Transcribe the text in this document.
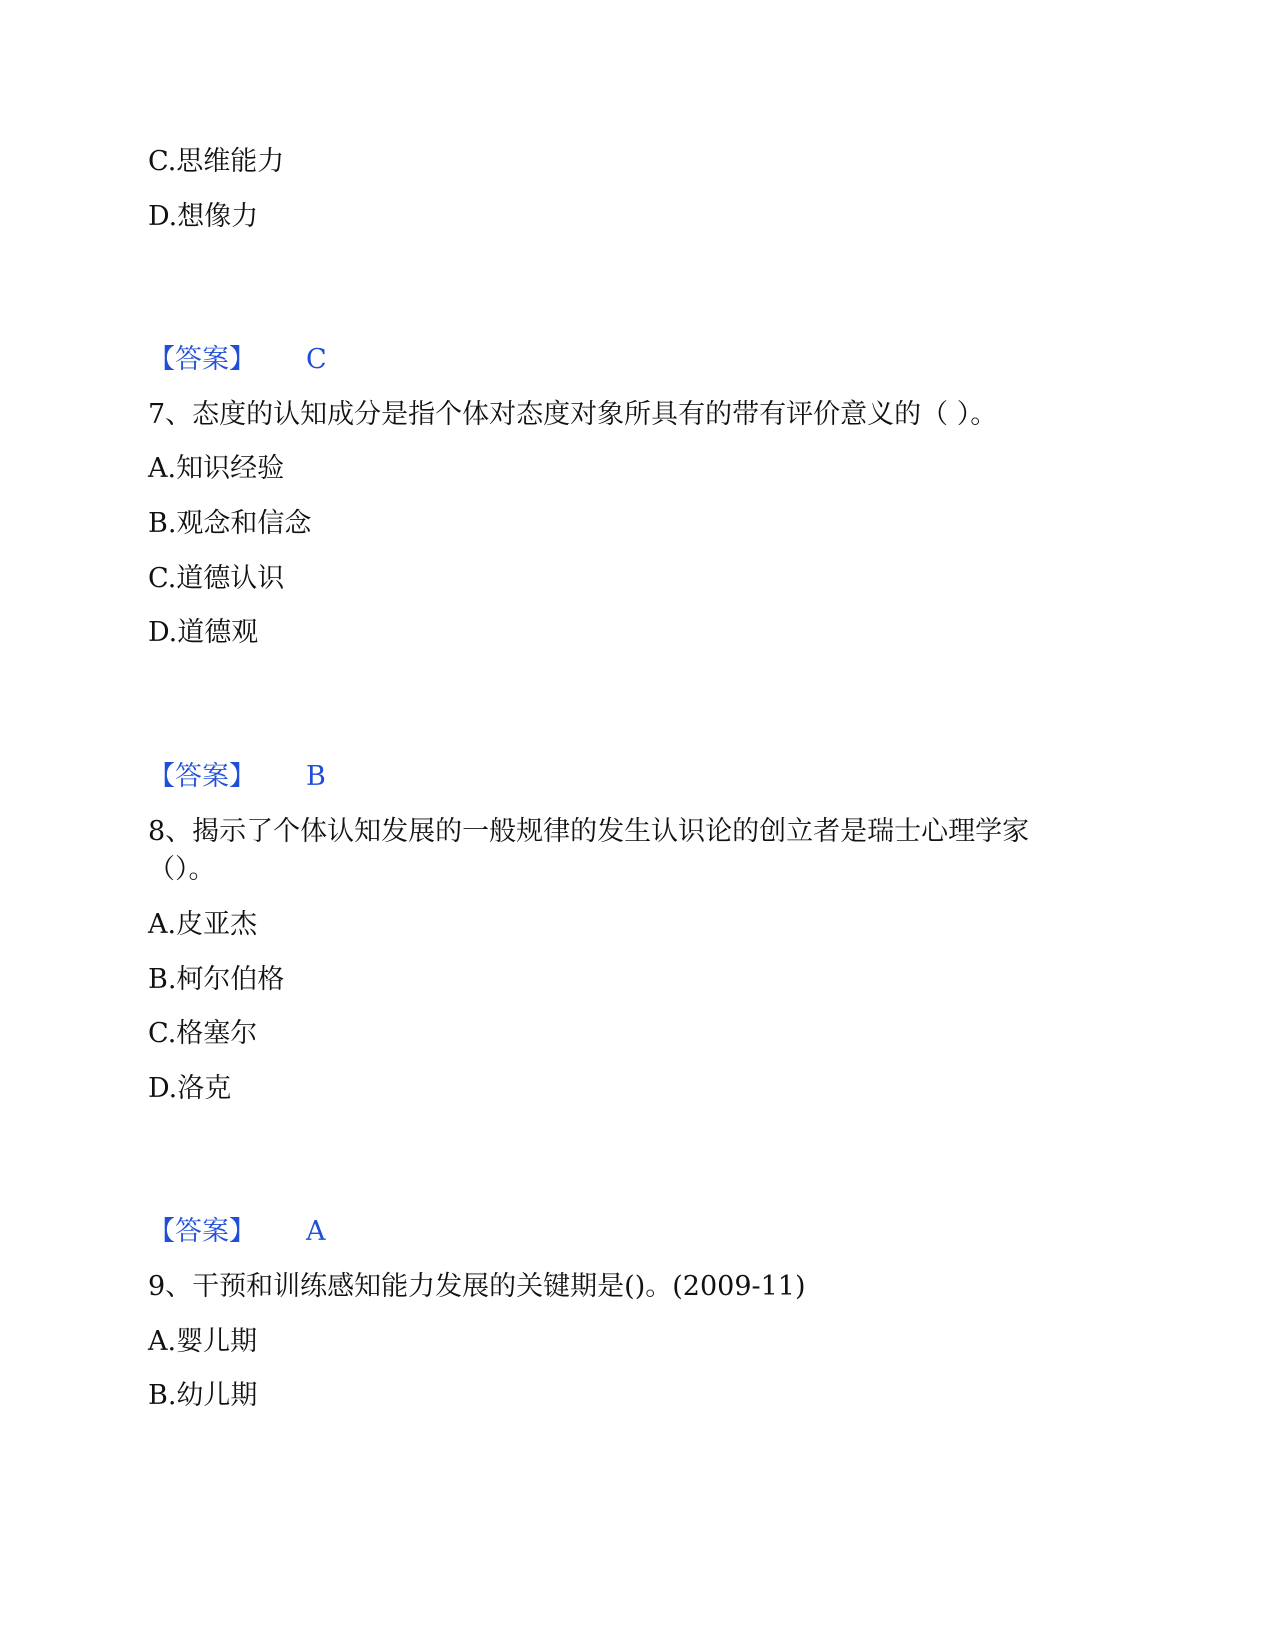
C.思维能力
D.想像力
【答案】 C
7、态度的认知成分是指个体对态度对象所具有的带有评价意义的（ ）。
A.知识经验
B.观念和信念
C.道德认识
D.道德观
【答案】 B
8、揭示了个体认知发展的一般规律的发生认识论的创立者是瑞士心理学家
（）。
A.皮亚杰
B.柯尔伯格
C.格塞尔
D.洛克
【答案】 A
9、干预和训练感知能力发展的关键期是()。(2009-11)
A.婴儿期
B.幼儿期
